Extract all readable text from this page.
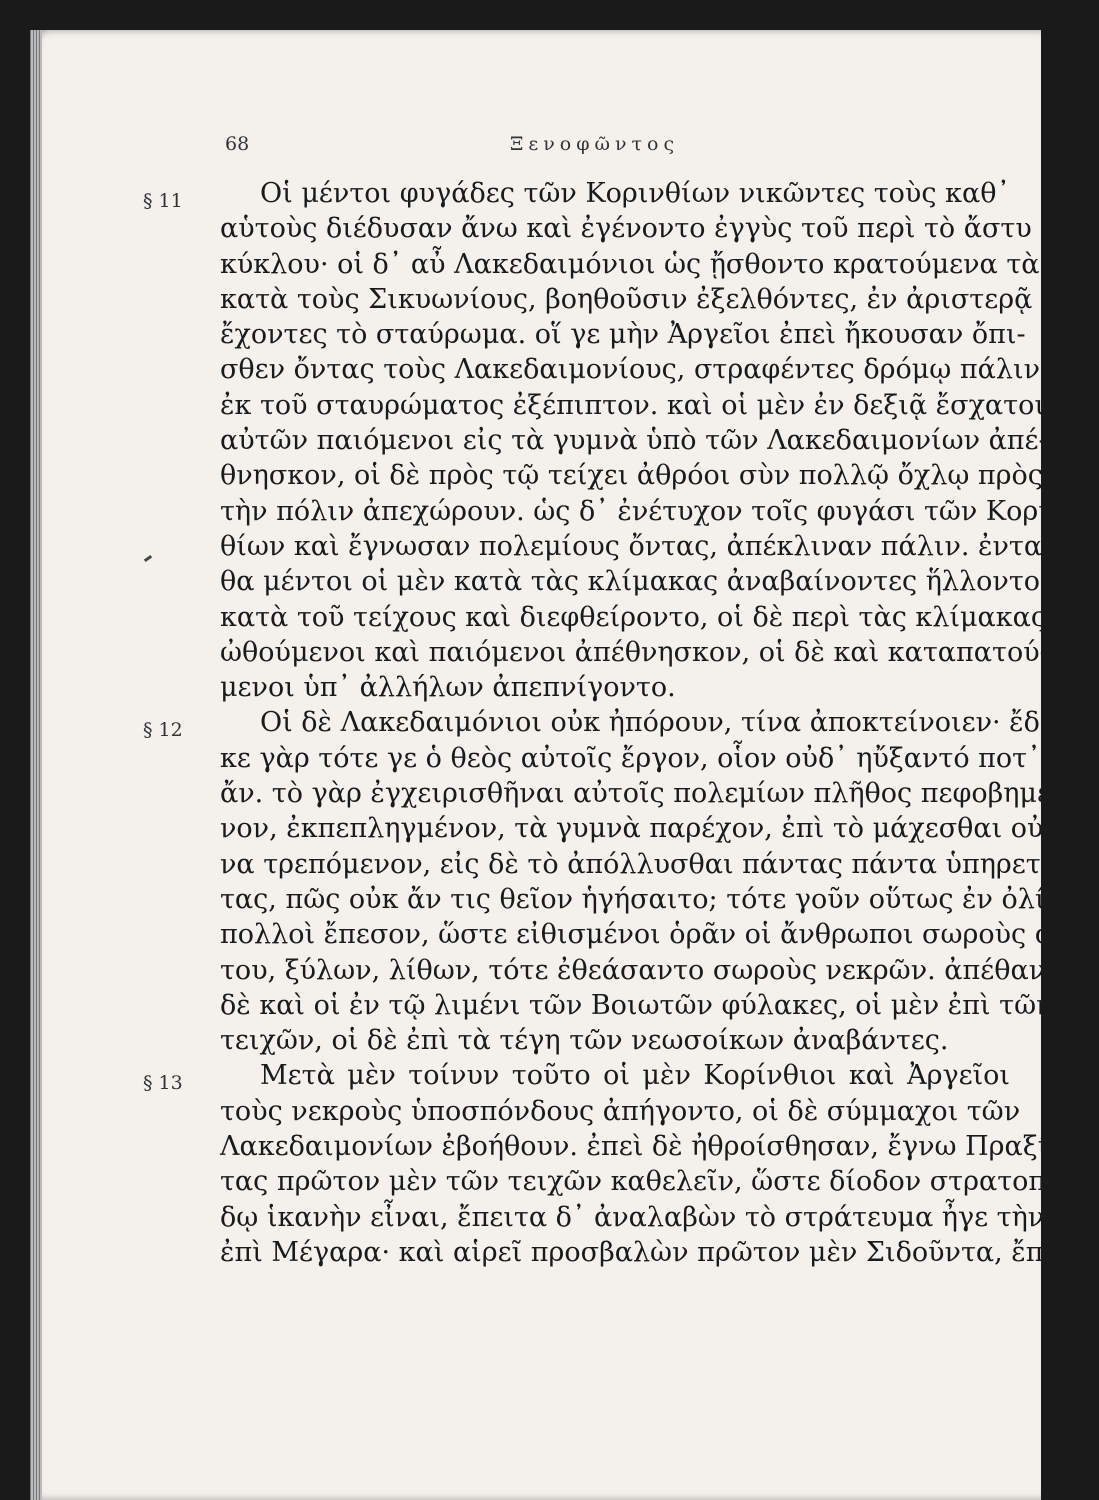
68	Ξενοφῶντος
§ 11	Οἱ μέντοι φυγάδες τῶν Κορινθίων νικῶντες τοὺς καθ᾽
αὑτοὺς διέδυσαν ἄνω καὶ ἐγένοντο ἐγγὺς τοῦ περὶ τὸ ἄστυ
κύκλου· οἱ δ᾽ αὖ Λακεδαιμόνιοι ὡς ᾔσθοντο κρατούμενα τὰ
κατὰ τοὺς Σικυωνίους, βοηθοῦσιν ἐξελθόντες, ἐν ἀριστερᾷ
ἔχοντες τὸ σταύρωμα. οἵ γε μὴν Ἀργεῖοι ἐπεὶ ἤκουσαν ὄπι-
σθεν ὄντας τοὺς Λακεδαιμονίους, στραφέντες δρόμῳ πάλιν
ἐκ τοῦ σταυρώματος ἐξέπιπτον. καὶ οἱ μὲν ἐν δεξιᾷ ἔσχατοι
αὐτῶν παιόμενοι εἰς τὰ γυμνὰ ὑπὸ τῶν Λακεδαιμονίων ἀπέ-
θνησκον, οἱ δὲ πρὸς τῷ τείχει ἀθρόοι σὺν πολλῷ ὄχλῳ πρὸς
τὴν πόλιν ἀπεχώρουν. ὡς δ᾽ ἐνέτυχον τοῖς φυγάσι τῶν Κοριν-
θίων καὶ ἔγνωσαν πολεμίους ὄντας, ἀπέκλιναν πάλιν. ἐνταῦ-
θα μέντοι οἱ μὲν κατὰ τὰς κλίμακας ἀναβαίνοντες ἥλλοντο
κατὰ τοῦ τείχους καὶ διεφθείροντο, οἱ δὲ περὶ τὰς κλίμακας
ὠθούμενοι καὶ παιόμενοι ἀπέθνησκον, οἱ δὲ καὶ καταπατού-
μενοι ὑπ᾽ ἀλλήλων ἀπεπνίγοντο.
§ 12	Οἱ δὲ Λακεδαιμόνιοι οὐκ ἠπόρουν, τίνα ἀποκτείνοιεν· ἔδω-
κε γὰρ τότε γε ὁ θεὸς αὐτοῖς ἔργον, οἷον οὐδ᾽ ηὔξαντό ποτ᾽
ἄν. τὸ γὰρ ἐγχειρισθῆναι αὐτοῖς πολεμίων πλῆθος πεφοβημέ
νον, ἐκπεπληγμένον, τὰ γυμνὰ παρέχον, ἐπὶ τὸ μάχεσθαι οὐδέ-
να τρεπόμενον, εἰς δὲ τὸ ἀπόλλυσθαι πάντας πάντα ὑπηρετοῦν-
τας, πῶς οὐκ ἄν τις θεῖον ἡγήσαιτο; τότε γοῦν οὕτως ἐν ὀλίγῳ
πολλοὶ ἔπεσον, ὥστε εἰθισμένοι ὁρᾶν οἱ ἄνθρωποι σωροὺς σί-
του, ξύλων, λίθων, τότε ἐθεάσαντο σωροὺς νεκρῶν. ἀπέθανον
δὲ καὶ οἱ ἐν τῷ λιμένι τῶν Βοιωτῶν φύλακες, οἱ μὲν ἐπὶ τῶν
τειχῶν, οἱ δὲ ἐπὶ τὰ τέγη τῶν νεωσοίκων ἀναβάντες.
§ 13	Μετὰ μὲν τοίνυν τοῦτο οἱ μὲν Κορίνθιοι καὶ Ἀργεῖοι
τοὺς νεκροὺς ὑποσπόνδους ἀπήγοντο, οἱ δὲ σύμμαχοι τῶν
Λακεδαιμονίων ἐβοήθουν. ἐπεὶ δὲ ἠθροίσθησαν, ἔγνω Πραξί-
τας πρῶτον μὲν τῶν τειχῶν καθελεῖν, ὥστε δίοδον στρατοπέ-
δῳ ἱκανὴν εἶναι, ἔπειτα δ᾽ ἀναλαβὼν τὸ στράτευμα ἦγε τὴν
ἐπὶ Μέγαρα· καὶ αἱρεῖ προσβαλὼν πρῶτον μὲν Σιδοῦντα, ἔπει-
